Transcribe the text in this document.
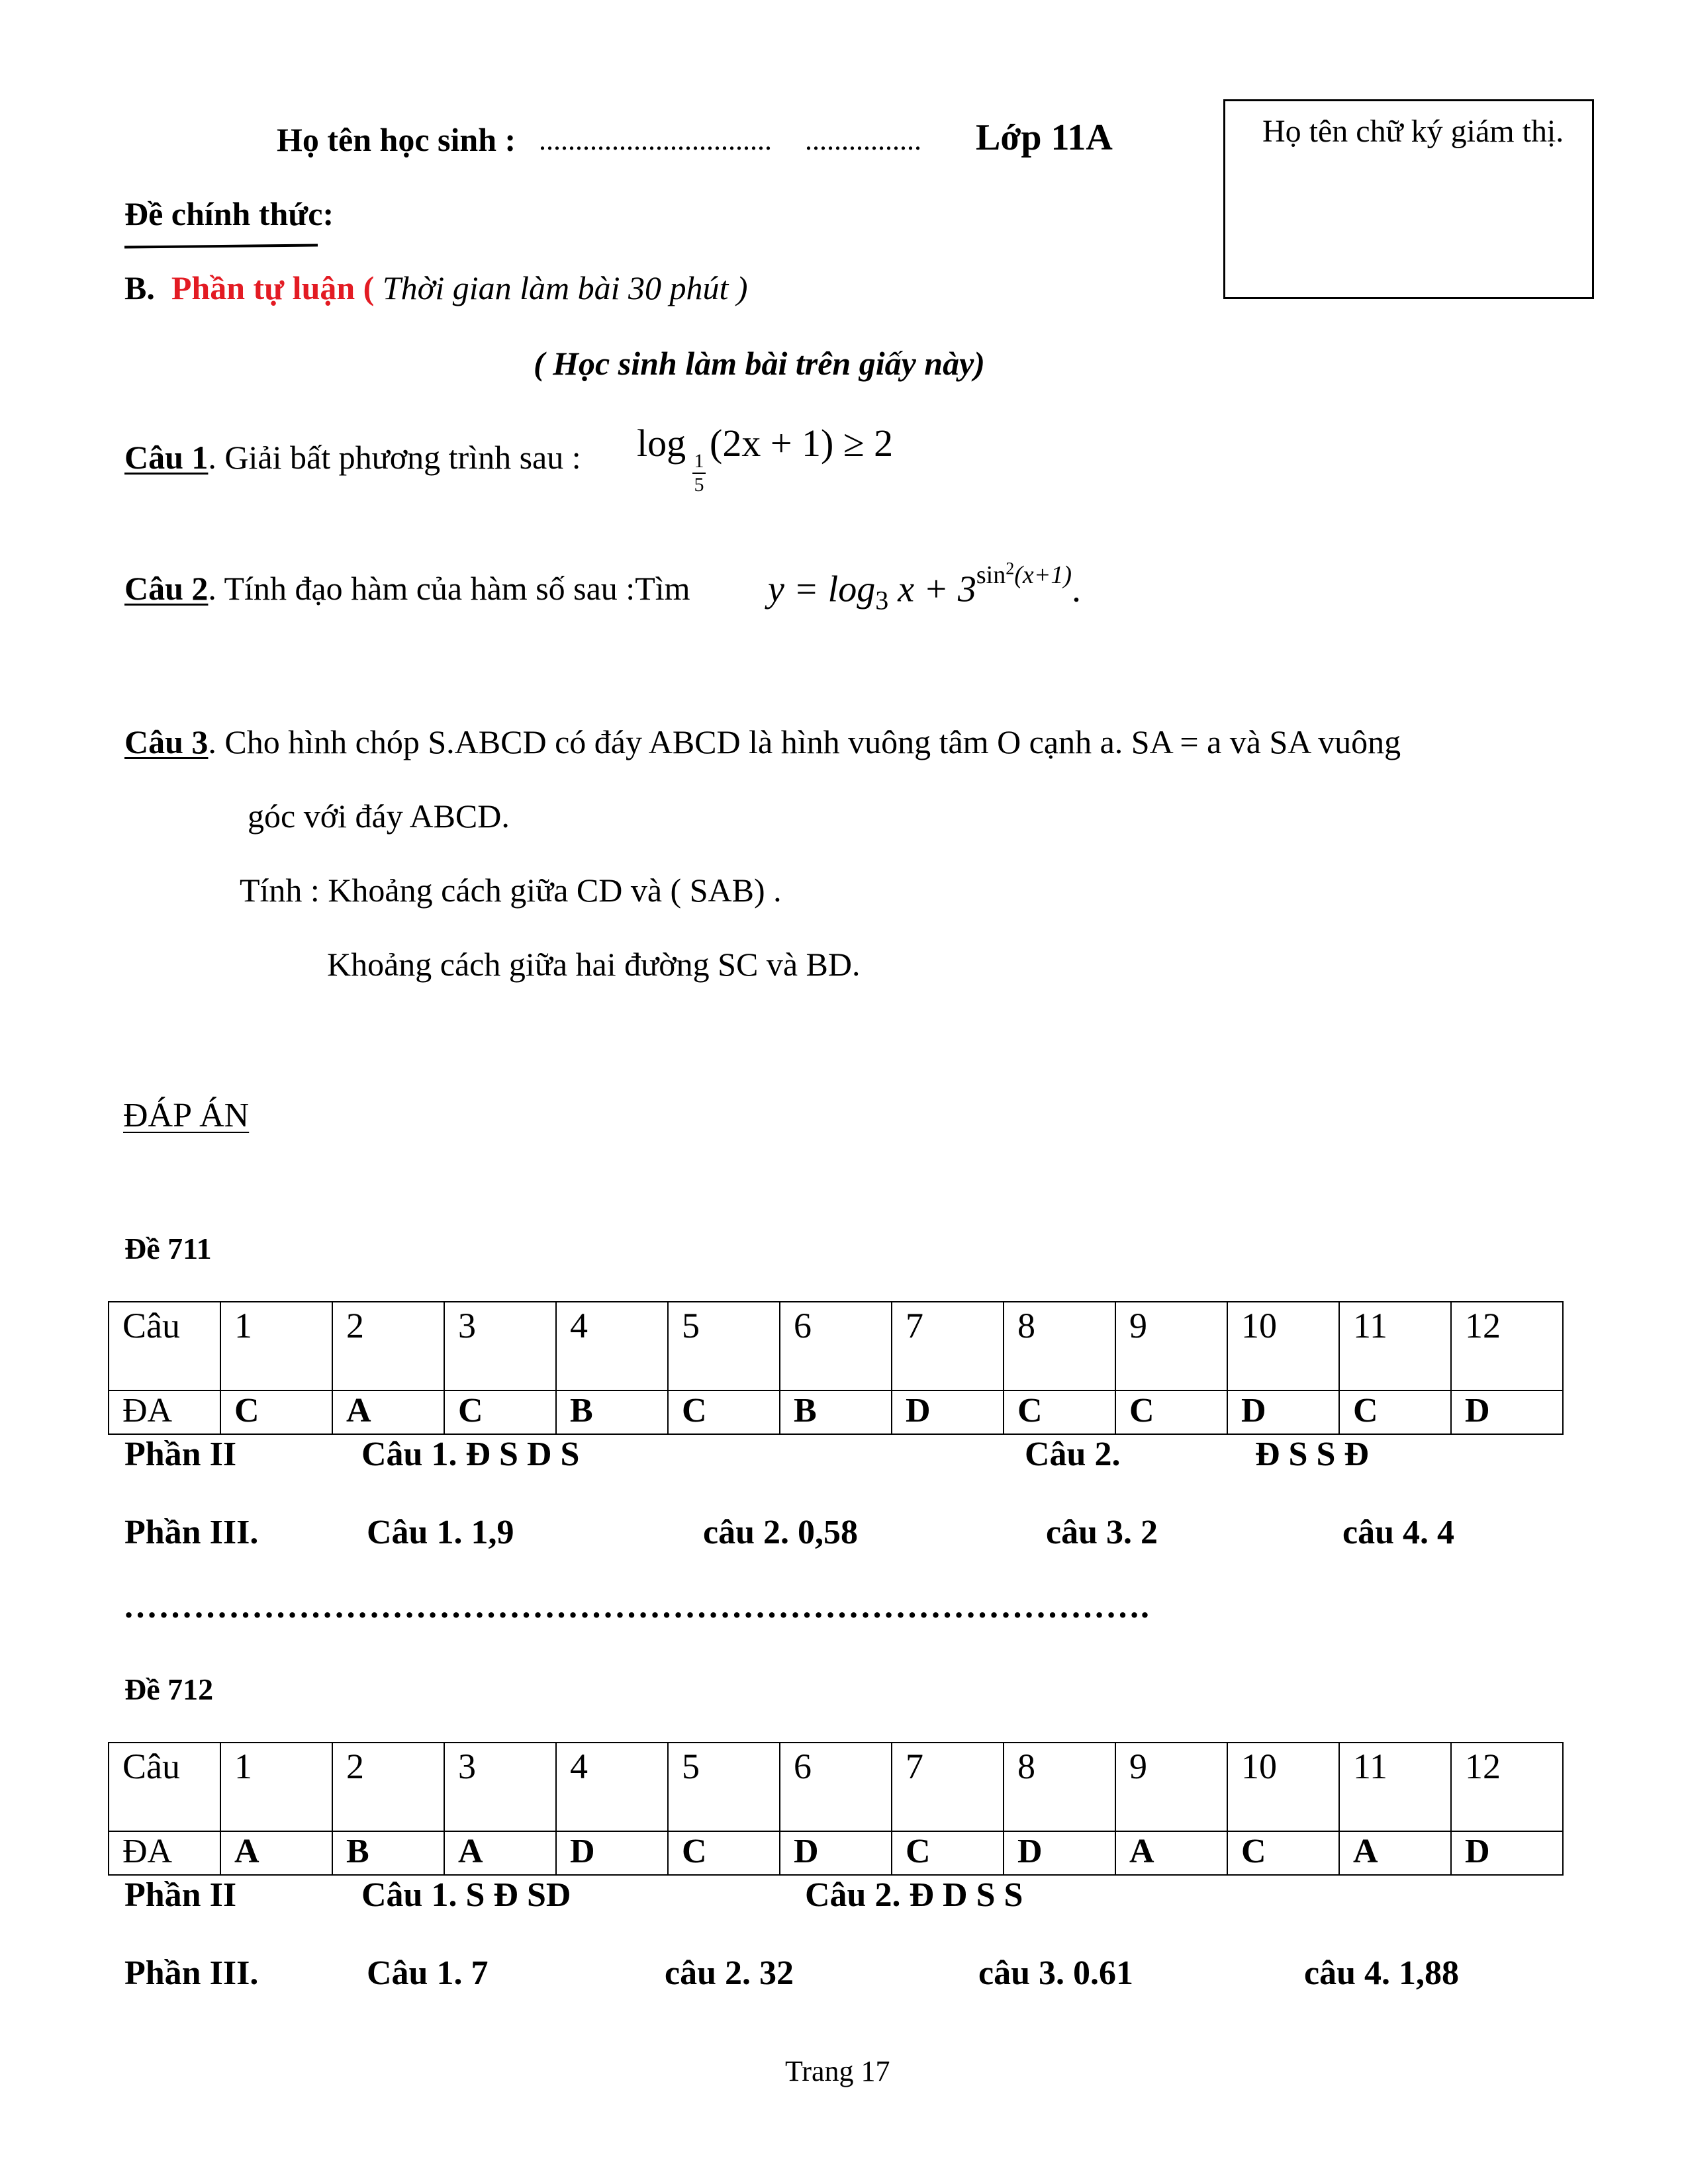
Họ tên học sinh : ................................ ................ Lớp 11A	Họ tên chữ ký giám thị.
Đề chính thức:
B. Phần tự luận ( Thời gian làm bài 30 phút )
( Học sinh làm bài trên giấy này)
Câu 1. Giải bất phương trình sau : log 1
5
(2x + 1) ≥ 2
Câu 2. Tính đạo hàm của hàm số sau :Tìm $y = \log_3 x + 3^{sin^2(x+1)}$.
Câu 3. Cho hình chóp S.ABCD có đáy ABCD là hình vuông tâm O cạnh a. SA = a và SA vuông
góc với đáy ABCD.
Tính : Khoảng cách giữa CD và ( SAB) .
Khoảng cách giữa hai đường SC và BD.
ĐÁP ÁN
Đề 711
Câu	1	2	3	4	5	6	7	8	9	10	11	12
ĐA	C	A	C	B	C	B	D	C	C	D	C	D
Phần II	Câu 1. Đ S D S	Câu 2.	Đ S S Đ
Phần III.	Câu 1. 1,9	câu 2. 0,58	câu 3. 2	câu 4. 4
…………………………………………………………………………….
Đề 712
Câu	1	2	3	4	5	6	7	8	9	10	11	12
ĐA	A	B	A	D	C	D	C	D	A	C	A	D
Phần II	Câu 1. S Đ SD	Câu 2. Đ D S S
Phần III.	Câu 1. 7	câu 2. 32	câu 3. 0.61	câu 4. 1,88
Trang 17
